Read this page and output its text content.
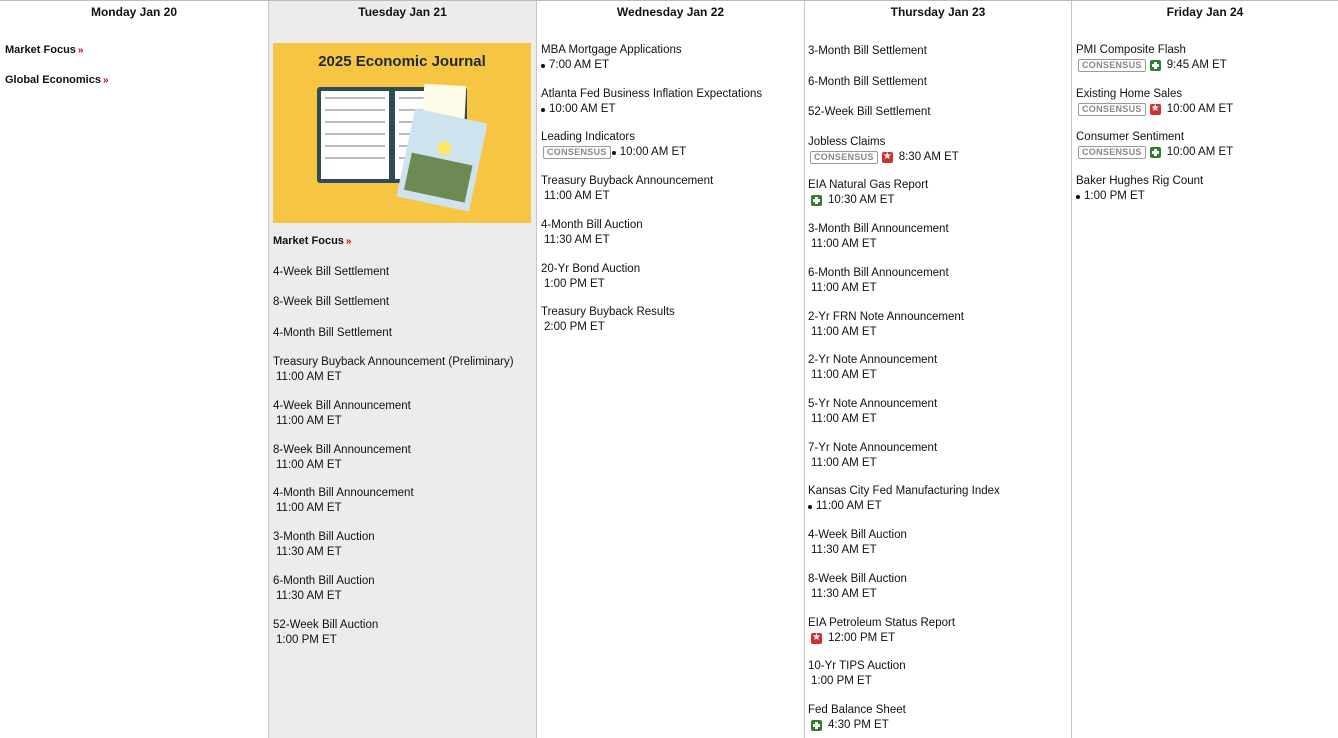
Monday Jan 20
Market Focus »
Global Economics »
Tuesday Jan 21
2025 Economic Journal
Market Focus »
4-Week Bill Settlement
8-Week Bill Settlement
4-Month Bill Settlement
Treasury Buyback Announcement (Preliminary)
11:00 AM ET
4-Week Bill Announcement
11:00 AM ET
8-Week Bill Announcement
11:00 AM ET
4-Month Bill Announcement
11:00 AM ET
3-Month Bill Auction
11:30 AM ET
6-Month Bill Auction
11:30 AM ET
52-Week Bill Auction
1:00 PM ET
Wednesday Jan 22
MBA Mortgage Applications
7:00 AM ET
Atlanta Fed Business Inflation Expectations
10:00 AM ET
Leading Indicators
CONSENSUS	10:00 AM ET
Treasury Buyback Announcement
11:00 AM ET
4-Month Bill Auction
11:30 AM ET
20-Yr Bond Auction
1:00 PM ET
Treasury Buyback Results
2:00 PM ET
Thursday Jan 23
3-Month Bill Settlement
6-Month Bill Settlement
52-Week Bill Settlement
Jobless Claims
CONSENSUS ★	8:30 AM ET
EIA Natural Gas Report
10:30 AM ET
3-Month Bill Announcement
11:00 AM ET
6-Month Bill Announcement
11:00 AM ET
2-Yr FRN Note Announcement
11:00 AM ET
2-Yr Note Announcement
11:00 AM ET
5-Yr Note Announcement
11:00 AM ET
7-Yr Note Announcement
11:00 AM ET
Kansas City Fed Manufacturing Index
11:00 AM ET
4-Week Bill Auction
11:30 AM ET
8-Week Bill Auction
11:30 AM ET
EIA Petroleum Status Report
★
12:00 PM ET
10-Yr TIPS Auction
1:00 PM ET
Fed Balance Sheet
4:30 PM ET
Friday Jan 24
PMI Composite Flash
CONSENSUS	9:45 AM ET
Existing Home Sales
CONSENSUS ★	10:00 AM ET
Consumer Sentiment
CONSENSUS	10:00 AM ET
Baker Hughes Rig Count
1:00 PM ET
